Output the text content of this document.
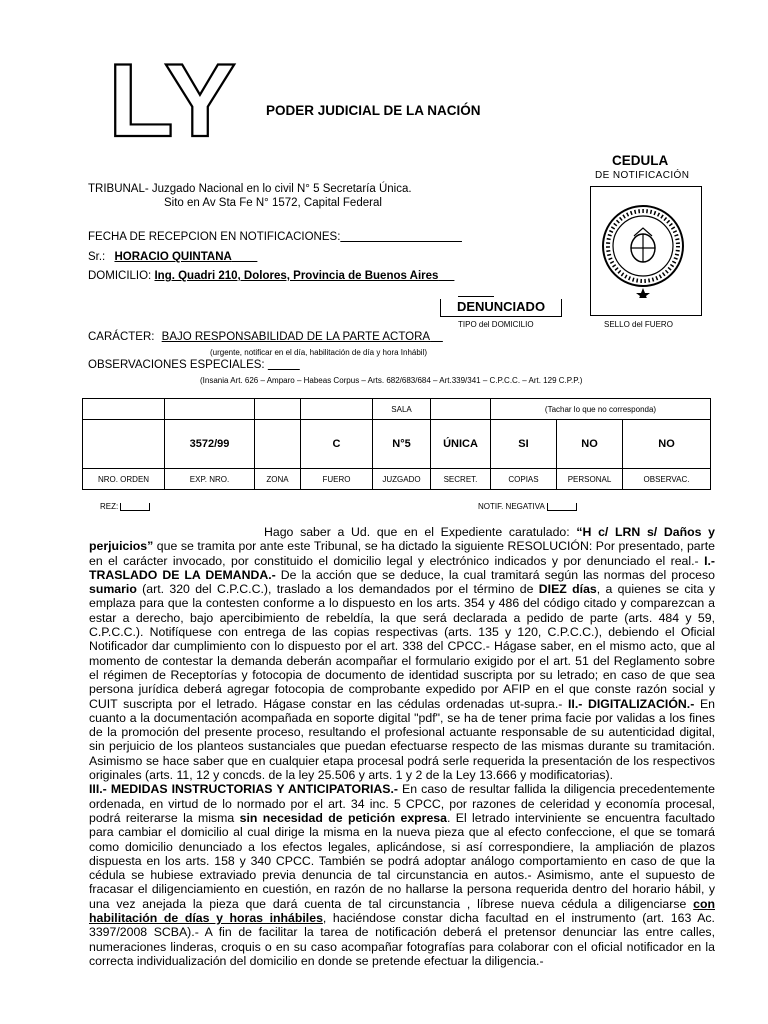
LY PODER JUDICIAL DE LA NACIÓN
CEDULA
DE NOTIFICACIÓN
TRIBUNAL- Juzgado Nacional en lo civil N° 5 Secretaría Única.
Sito en Av Sta Fe N° 1572, Capital Federal
FECHA DE RECEPCION EN NOTIFICACIONES:___ ____ ____ ____ __
Sr.: HORACIO QUINTANA
DOMICILIO: Ing. Quadri 210, Dolores, Provincia de Buenos Aires
DENUNCIADO
TIPO del DOMICILIO	SELLO del FUERO
CARÁCTER: BAJO RESPONSABILIDAD DE LA PARTE ACTORA
(urgente, notificar en el día, habilitación de día y hora Inhábil)
OBSERVACIONES ESPECIALES:
(Insania Art. 626 – Amparo – Habeas Corpus – Arts. 682/683/684 – Art.339/341 – C.P.C.C. – Art. 129 C.P.P.)
				SALA		(Tachar lo que no corresponda)		
	3572/99		C	N°5	ÚNICA	SI	NO	NO
NRO. ORDEN	EXP. NRO.	ZONA	FUERO	JUZGADO	SECRET.	COPIAS	PERSONAL	OBSERVAC.
REZ:	NOTIF. NEGATIVA

Hago saber a Ud. que en el Expediente caratulado: “H c/ LRN s/ Daños y perjuicios” que se tramita por ante este Tribunal, se ha dictado la siguiente RESOLUCIÓN: Por presentado, parte en el carácter invocado, por constituido el domicilio legal y electrónico indicados y por denunciado el real.- I.- TRASLADO DE LA DEMANDA.- De la acción que se deduce, la cual tramitará según las normas del proceso sumario (art. 320 del C.P.C.C.), traslado a los demandados por el término de DIEZ días, a quienes se cita y emplaza para que la contesten conforme a lo dispuesto en los arts. 354 y 486 del código citado y comparezcan a estar a derecho, bajo apercibimiento de rebeldía, la que será declarada a pedido de parte (arts. 484 y 59, C.P.C.C.). Notifíquese con entrega de las copias respectivas (arts. 135 y 120, C.P.C.C.), debiendo el Oficial Notificador dar cumplimiento con lo dispuesto por el art. 338 del CPCC.- Hágase saber, en el mismo acto, que al momento de contestar la demanda deberán acompañar el formulario exigido por el art. 51 del Reglamento sobre el régimen de Receptorías y fotocopia de documento de identidad suscripta por su letrado; en caso de que sea persona jurídica deberá agregar fotocopia de comprobante expedido por AFIP en el que conste razón social y CUIT suscripta por el letrado. Hágase constar en las cédulas ordenadas ut-supra.- II.- DIGITALIZACIÓN.- En cuanto a la documentación acompañada en soporte digital "pdf", se ha de tener prima facie por validas a los fines de la promoción del presente proceso, resultando el profesional actuante responsable de su autenticidad digital, sin perjuicio de los planteos sustanciales que puedan efectuarse respecto de las mismas durante su tramitación. Asimismo se hace saber que en cualquier etapa procesal podrá serle requerida la presentación de los respectivos originales (arts. 11, 12 y concds. de la ley 25.506 y arts. 1 y 2 de la Ley 13.666 y modificatorias).

III.- MEDIDAS INSTRUCTORIAS Y ANTICIPATORIAS.- En caso de resultar fallida la diligencia precedentemente ordenada, en virtud de lo normado por el art. 34 inc. 5 CPCC, por razones de celeridad y economía procesal, podrá reiterarse la misma sin necesidad de petición expresa. El letrado interviniente se encuentra facultado para cambiar el domicilio al cual dirige la misma en la nueva pieza que al efecto confeccione, el que se tomará como domicilio denunciado a los efectos legales, aplicándose, si así correspondiere, la ampliación de plazos dispuesta en los arts. 158 y 340 CPCC. También se podrá adoptar análogo comportamiento en caso de que la cédula se hubiese extraviado previa denuncia de tal circunstancia en autos.- Asimismo, ante el supuesto de fracasar el diligenciamiento en cuestión, en razón de no hallarse la persona requerida dentro del horario hábil, y una vez anejada la pieza que dará cuenta de tal circunstancia , líbrese nueva cédula a diligenciarse con habilitación de días y horas inhábiles, haciéndose constar dicha facultad en el instrumento (art. 163 Ac. 3397/2008 SCBA).- A fin de facilitar la tarea de notificación deberá el pretensor denunciar las entre calles, numeraciones linderas, croquis o en su caso acompañar fotografías para colaborar con el oficial notificador en la correcta individualización del domicilio en donde se pretende efectuar la diligencia.-
